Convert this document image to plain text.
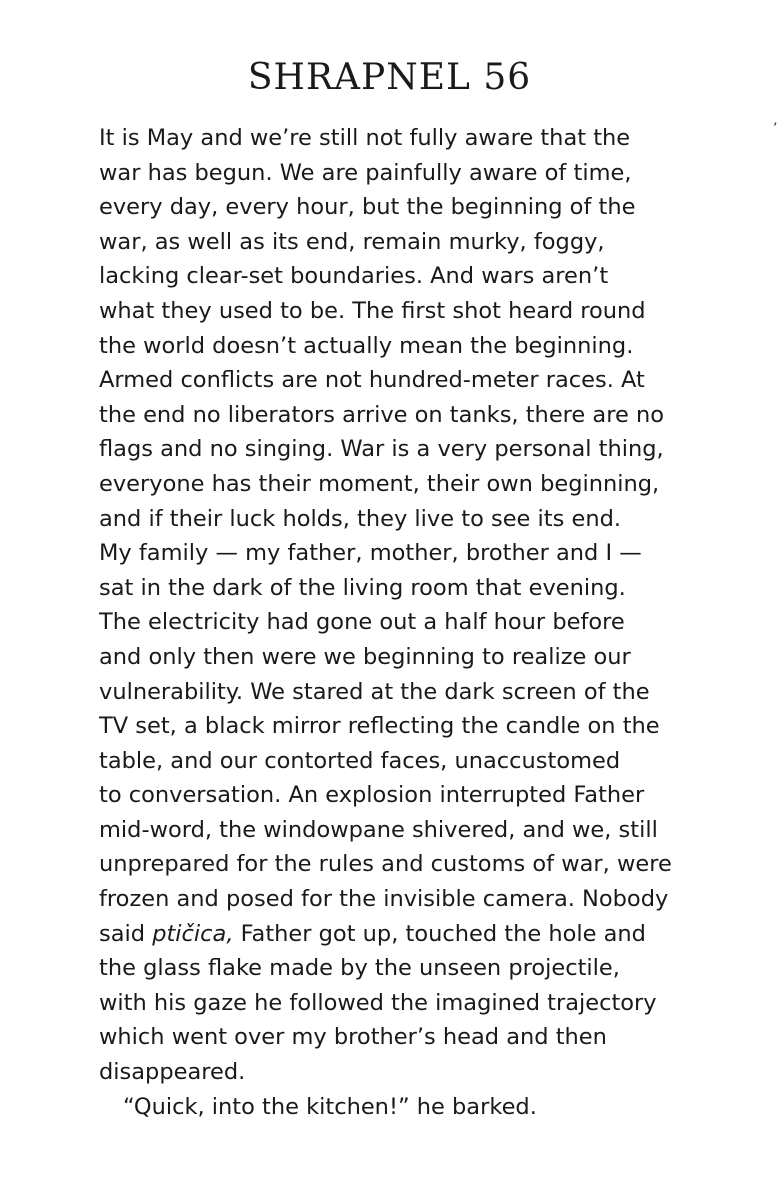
SHRAPNEL 56
’
It is May and we’re still not fully aware that the
war has begun. We are painfully aware of time,
every day, every hour, but the beginning of the
war, as well as its end, remain murky, foggy,
lacking clear-set boundaries. And wars aren’t
what they used to be. The first shot heard round
the world doesn’t actually mean the beginning.
Armed conflicts are not hundred-meter races. At
the end no liberators arrive on tanks, there are no
flags and no singing. War is a very personal thing,
everyone has their moment, their own beginning,
and if their luck holds, they live to see its end.
My family — my father, mother, brother and I —
sat in the dark of the living room that evening.
The electricity had gone out a half hour before
and only then were we beginning to realize our
vulnerability. We stared at the dark screen of the
TV set, a black mirror reflecting the candle on the
table, and our contorted faces, unaccustomed
to conversation. An explosion interrupted Father
mid-word, the windowpane shivered, and we, still
unprepared for the rules and customs of war, were
frozen and posed for the invisible camera. Nobody
said ptičica, Father got up, touched the hole and
the glass flake made by the unseen projectile,
with his gaze he followed the imagined trajectory
which went over my brother’s head and then
disappeared.
“Quick, into the kitchen!” he barked.
